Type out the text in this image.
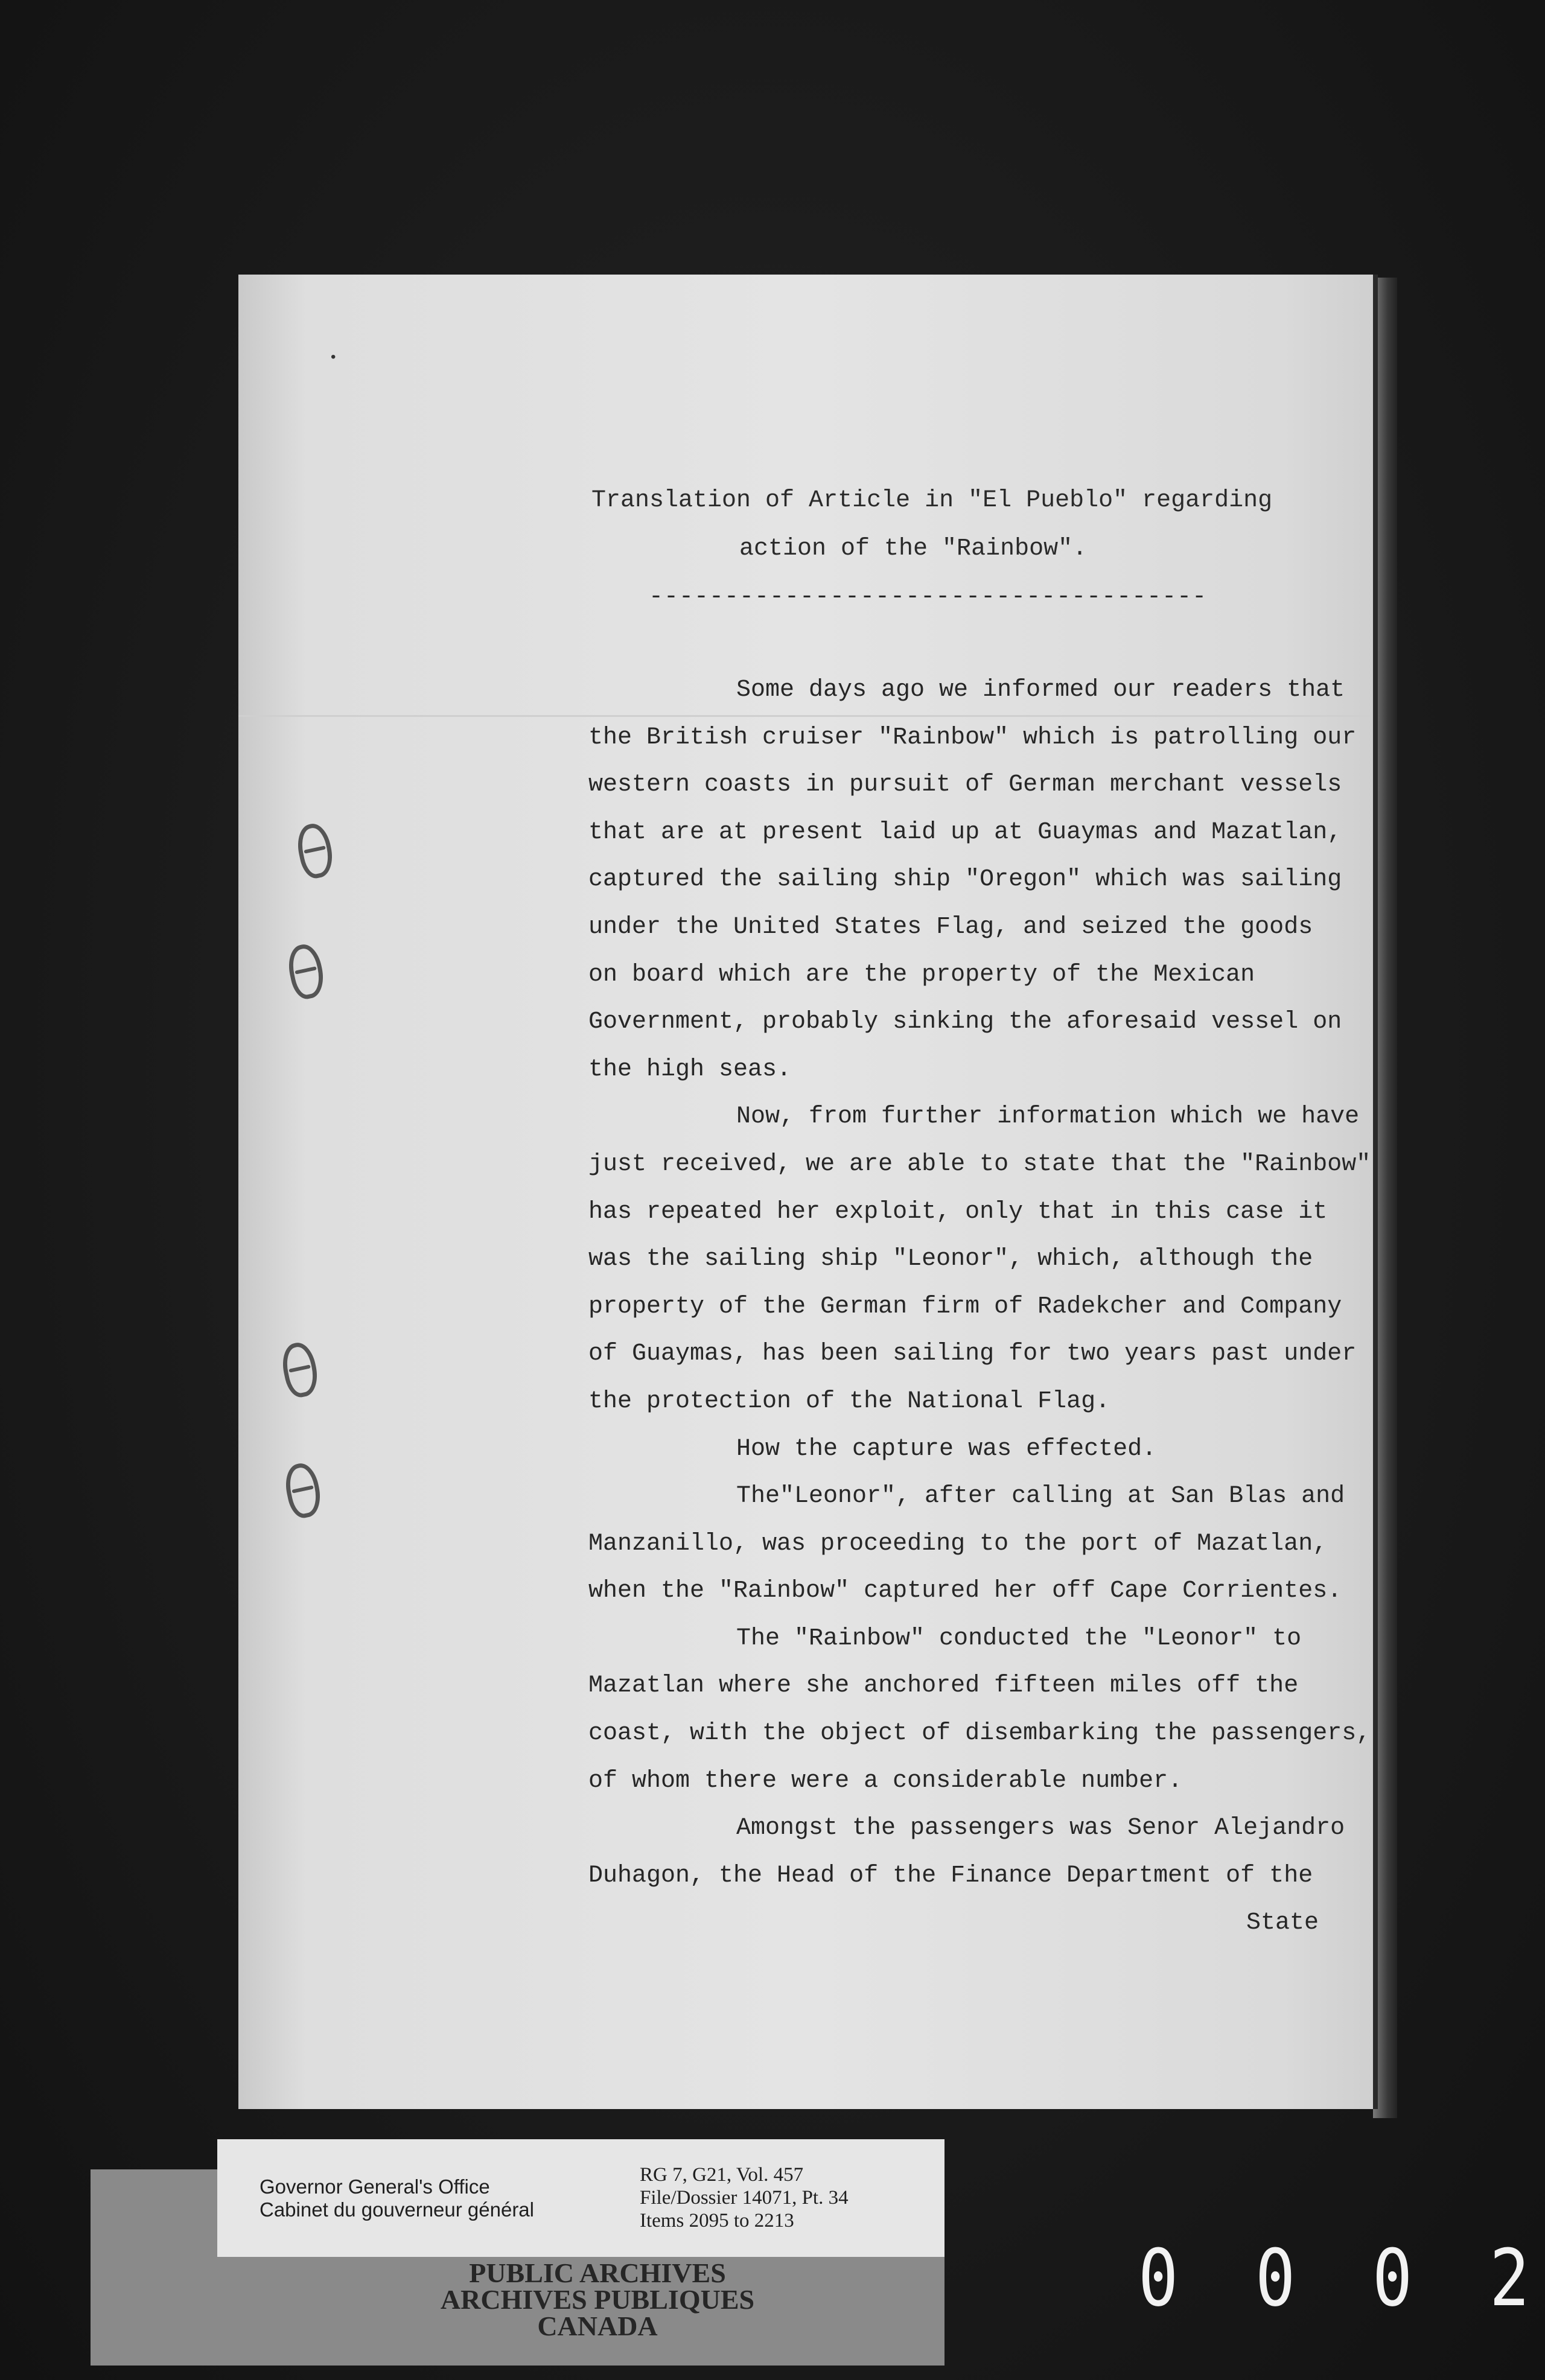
•

Translation of Article in "El Pueblo" regarding

action of the "Rainbow".

-------------------------------------

Some days ago we informed our readers that
the British cruiser "Rainbow" which is patrolling our
western coasts in pursuit of German merchant vessels
that are at present laid up at Guaymas and Mazatlan,
captured the sailing ship "Oregon" which was sailing
under the United States Flag, and seized the goods
on board which are the property of the Mexican
Government, probably sinking the aforesaid vessel on
the high seas.
Now, from further information which we have
just received, we are able to state that the "Rainbow"
has repeated her exploit, only that in this case it
was the sailing ship "Leonor", which, although the
property of the German firm of Radekcher and Company
of Guaymas, has been sailing for two years past under
the protection of the National Flag.
How the capture was effected.
The"Leonor", after calling at San Blas and
Manzanillo, was proceeding to the port of Mazatlan,
when the "Rainbow" captured her off Cape Corrientes.
The "Rainbow" conducted the "Leonor" to
Mazatlan where she anchored fifteen miles off the
coast, with the object of disembarking the passengers,
of whom there were a considerable number.
Amongst the passengers was Senor Alejandro
Duhagon, the Head of the Finance Department of the
State
Governor General's Office
Cabinet du gouverneur général
RG 7, G21, Vol. 457
File/Dossier 14071, Pt. 34
Items 2095 to 2213
PUBLIC ARCHIVES
ARCHIVES PUBLIQUES
CANADA
0 0 0 2
